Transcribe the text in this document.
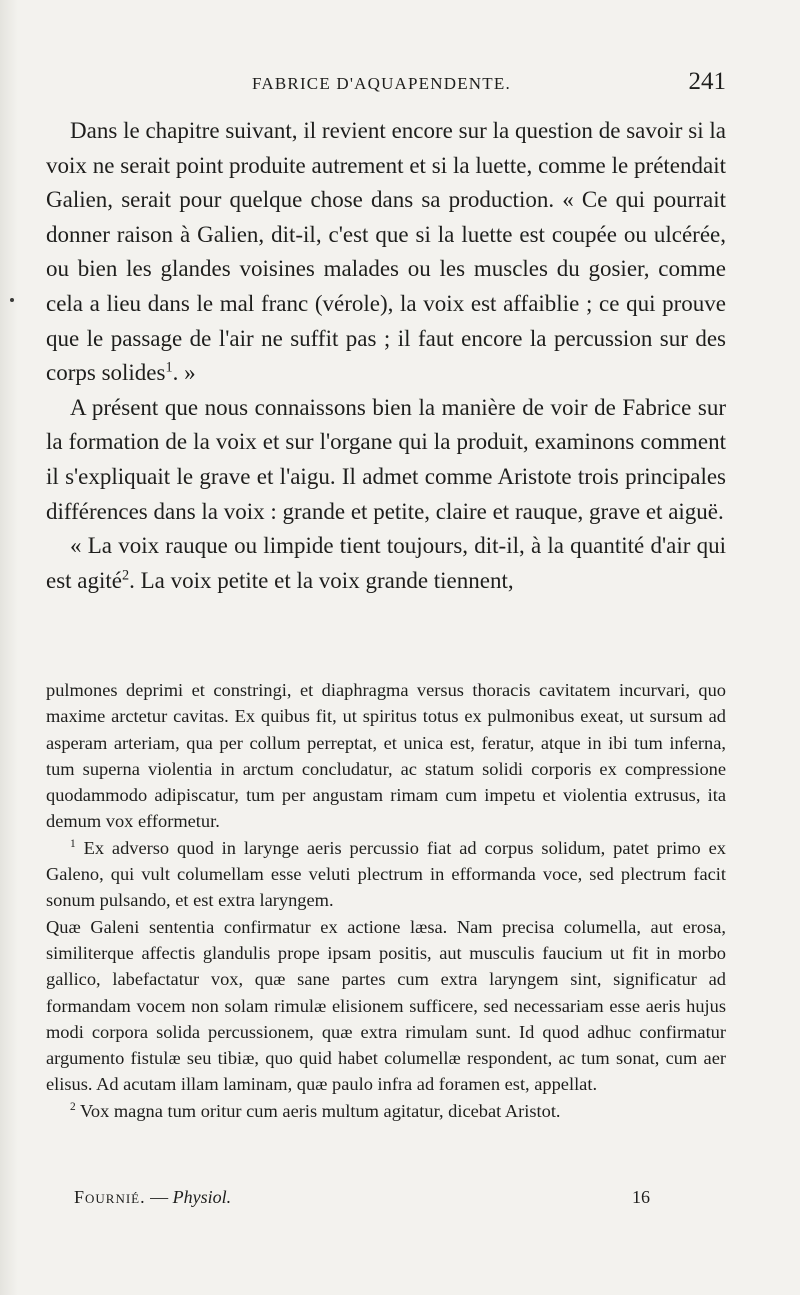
FABRICE D'AQUAPENDENTE.	241

Dans le chapitre suivant, il revient encore sur la question de savoir si la voix ne serait point produite autrement et si la luette, comme le prétendait Galien, serait pour quelque chose dans sa production. « Ce qui pourrait donner raison à Galien, dit-il, c'est que si la luette est coupée ou ulcérée, ou bien les glandes voisines malades ou les muscles du gosier, comme cela a lieu dans le mal franc (vérole), la voix est affaiblie ; ce qui prouve que le passage de l'air ne suffit pas ; il faut encore la percussion sur des corps solides$^1$. »

A présent que nous connaissons bien la manière de voir de Fabrice sur la formation de la voix et sur l'organe qui la produit, examinons comment il s'expliquait le grave et l'aigu. Il admet comme Aristote trois principales différences dans la voix : grande et petite, claire et rauque, grave et aiguë.

« La voix rauque ou limpide tient toujours, dit-il, à la quantité d'air qui est agité$^2$. La voix petite et la voix grande tiennent,

pulmones deprimi et constringi, et diaphragma versus thoracis cavitatem incurvari, quo maxime arctetur cavitas. Ex quibus fit, ut spiritus totus ex pulmonibus exeat, ut sursum ad asperam arteriam, qua per collum perreptat, et unica est, feratur, atque in ibi tum inferna, tum superna violentia in arctum concludatur, ac statum solidi corporis ex compressione quodammodo adipiscatur, tum per angustam rimam cum impetu et violentia extrusus, ita demum vox efformetur.

$^1$ Ex adverso quod in larynge aeris percussio fiat ad corpus solidum, patet primo ex Galeno, qui vult columellam esse veluti plectrum in efformanda voce, sed plectrum facit sonum pulsando, et est extra laryngem.

Quæ Galeni sententia confirmatur ex actione læsa. Nam precisa columella, aut erosa, similiterque affectis glandulis prope ipsam positis, aut musculis faucium ut fit in morbo gallico, labefactatur vox, quæ sane partes cum extra laryngem sint, significatur ad formandam vocem non solam rimulæ elisionem sufficere, sed necessariam esse aeris hujus modi corpora solida percussionem, quæ extra rimulam sunt. Id quod adhuc confirmatur argumento fistulæ seu tibiæ, quo quid habet columellæ respondent, ac tum sonat, cum aer elisus. Ad acutam illam laminam, quæ paulo infra ad foramen est, appellat.

$^2$ Vox magna tum oritur cum aeris multum agitatur, dicebat Aristot.

Fournié. — Physiol.	16
